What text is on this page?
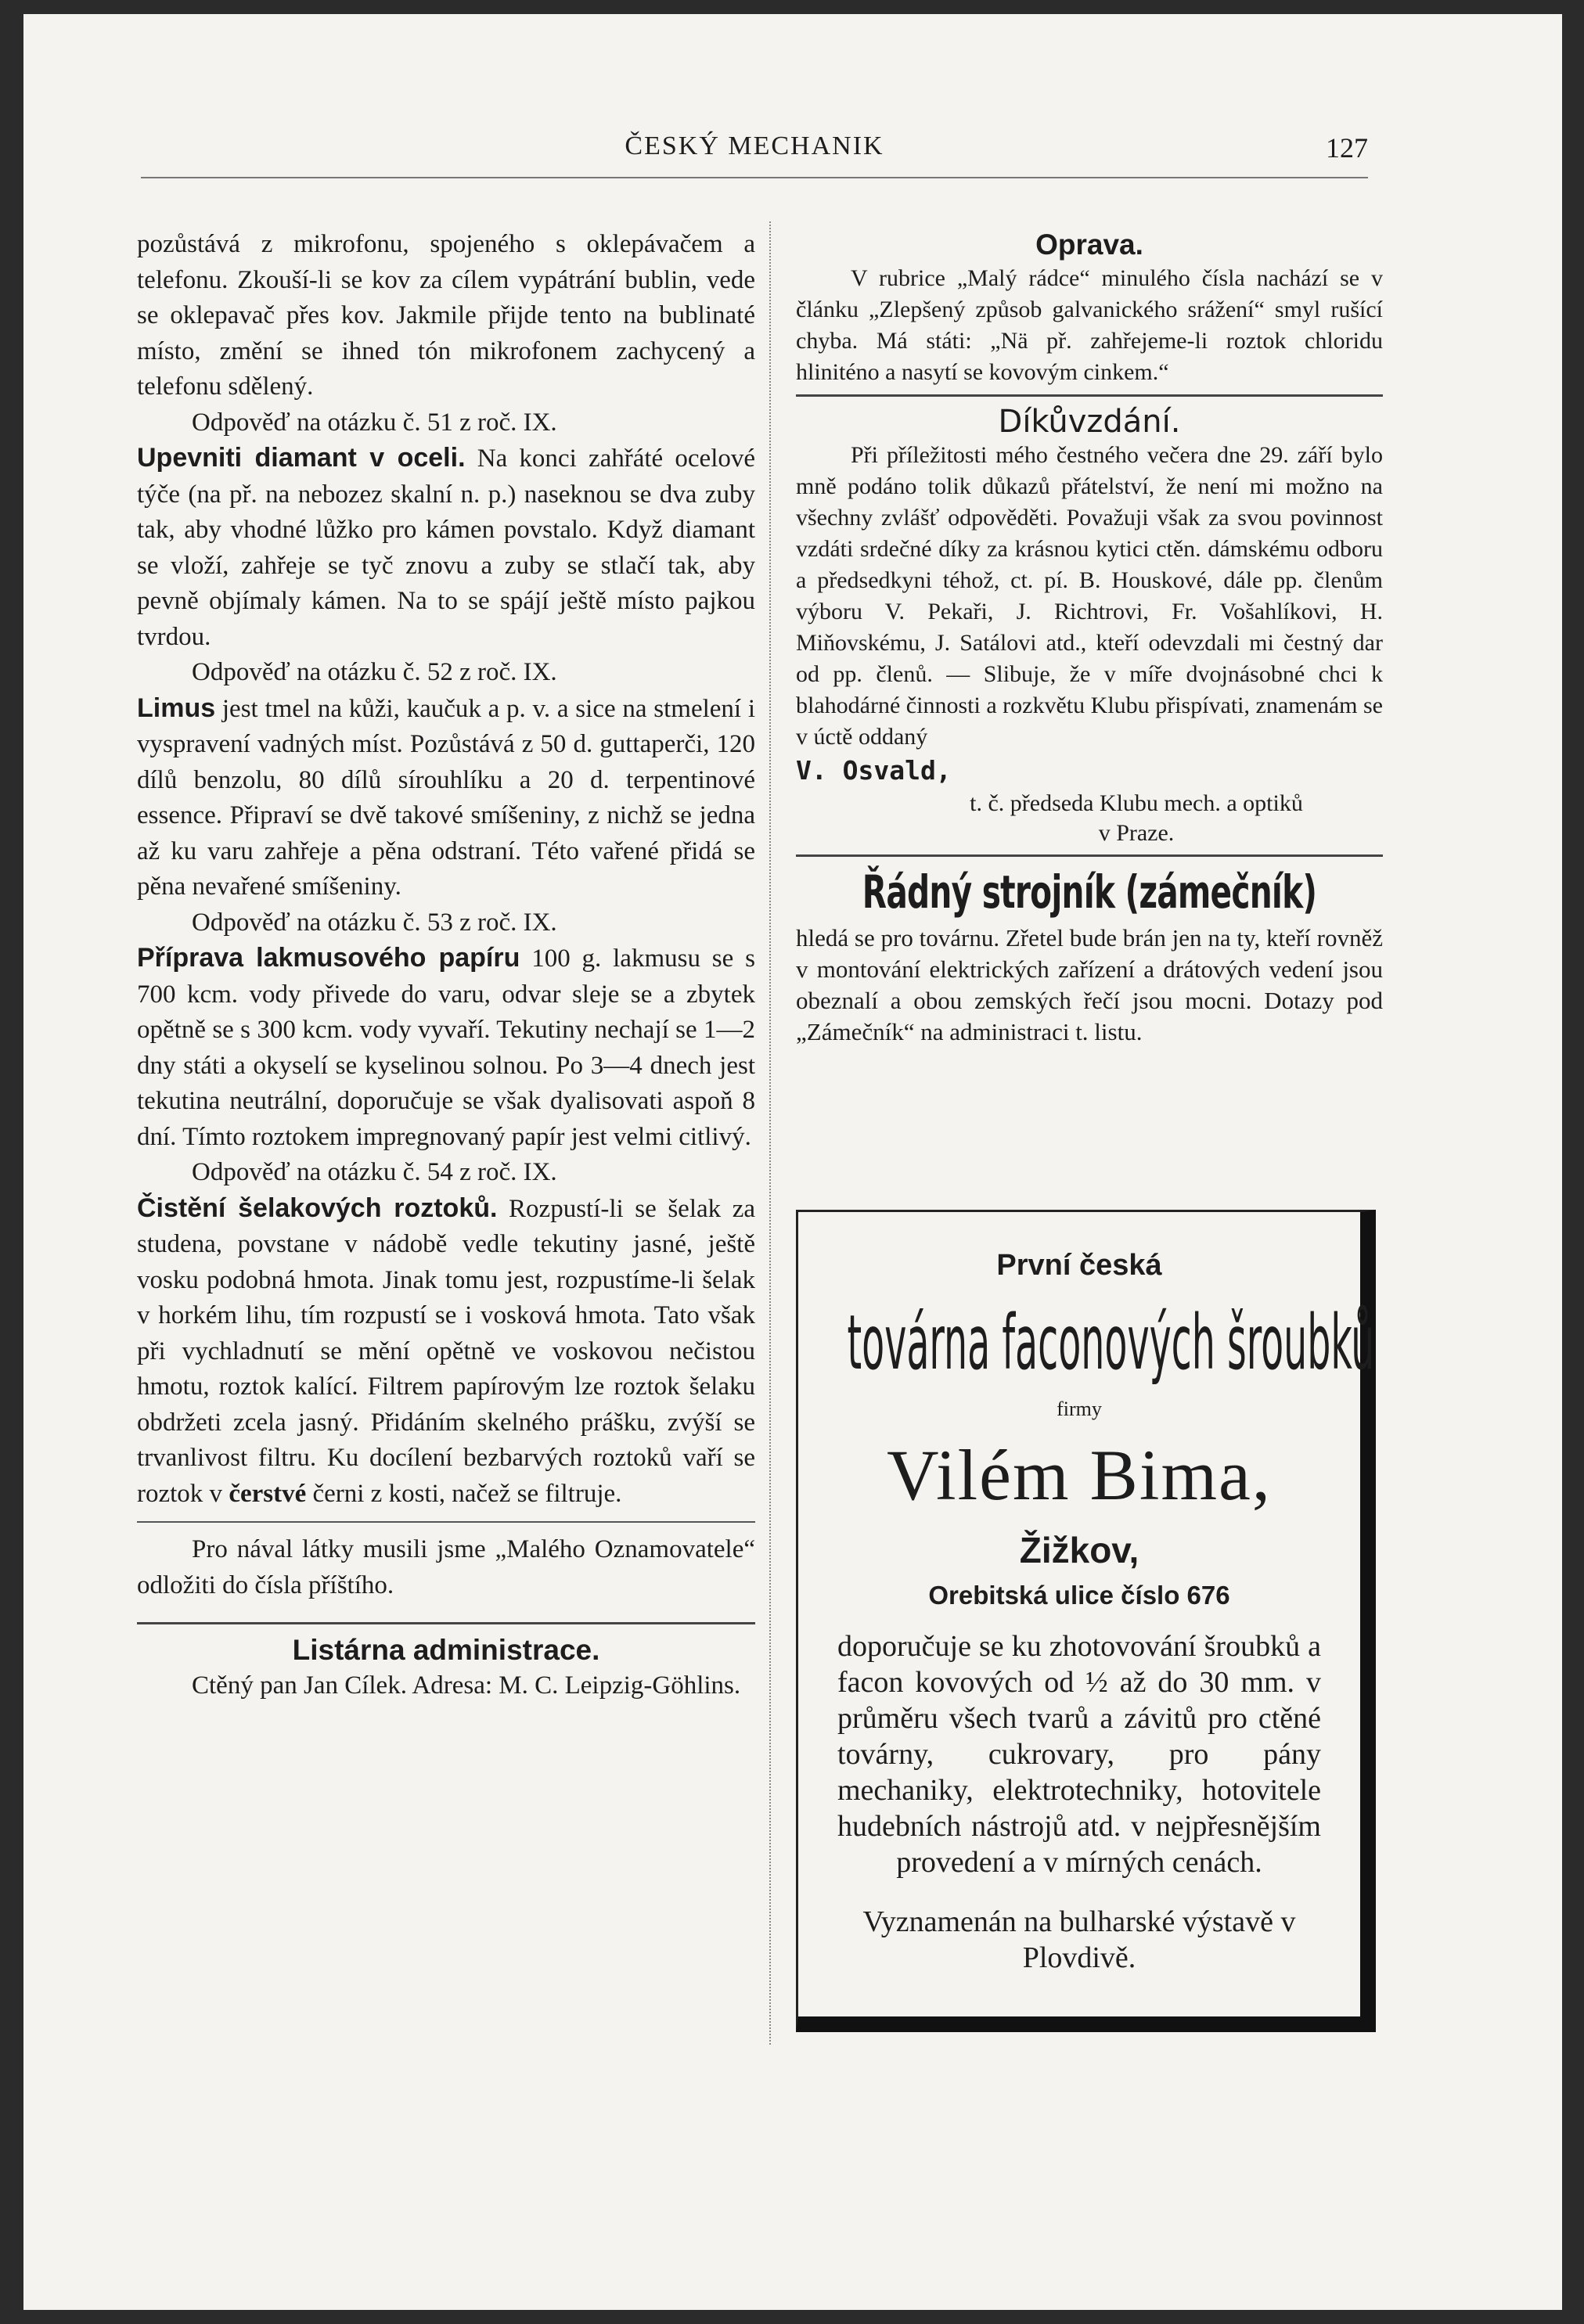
ČESKÝ MECHANIK	127

pozůstává z mikrofonu, spojeného s oklepávačem a telefonu. Zkouší-li se kov za cílem vypátrání bublin, vede se oklepavač přes kov. Jakmile přijde tento na bublinaté místo, změní se ihned tón mikrofonem zachycený a telefonu sdělený.

Odpověď na otázku č. 51 z roč. IX.

Upevniti diamant v oceli. Na konci zahřáté ocelové týče (na př. na nebozez skalní n. p.) naseknou se dva zuby tak, aby vhodné lůžko pro kámen povstalo. Když diamant se vloží, zahřeje se tyč znovu a zuby se stlačí tak, aby pevně objímaly kámen. Na to se spájí ještě místo pajkou tvrdou.

Odpověď na otázku č. 52 z roč. IX.

Limus jest tmel na kůži, kaučuk a p. v. a sice na stmelení i vyspravení vadných míst. Pozůstává z 50 d. guttaperči, 120 dílů benzolu, 80 dílů sírouhlíku a 20 d. terpentinové essence. Připraví se dvě takové smíšeniny, z nichž se jedna až ku varu zahřeje a pěna odstraní. Této vařené přidá se pěna nevařené smíšeniny.

Odpověď na otázku č. 53 z roč. IX.

Příprava lakmusového papíru 100 g. lakmusu se s 700 kcm. vody přivede do varu, odvar sleje se a zbytek opětně se s 300 kcm. vody vyvaří. Tekutiny nechají se 1—2 dny státi a okyselí se kyselinou solnou. Po 3—4 dnech jest tekutina neutrální, doporučuje se však dyalisovati aspoň 8 dní. Tímto roztokem impregnovaný papír jest velmi citlivý.

Odpověď na otázku č. 54 z roč. IX.

Čistění šelakových roztoků. Rozpustí-li se šelak za studena, povstane v nádobě vedle tekutiny jasné, ještě vosku podobná hmota. Jinak tomu jest, rozpustíme-li šelak v horkém lihu, tím rozpustí se i vosková hmota. Tato však při vychladnutí se mění opětně ve voskovou nečistou hmotu, roztok kalící. Filtrem papírovým lze roztok šelaku obdržeti zcela jasný. Přidáním skelného prášku, zvýší se trvanlivost filtru. Ku docílení bezbarvých roztoků vaří se roztok v čerstvé černi z kosti, načež se filtruje.

Pro nával látky musili jsme „Malého Oznamovatele“ odložiti do čísla příštího.

Listárna administrace.

Ctěný pan Jan Cílek. Adresa: M. C. Leipzig-Göhlins.

Oprava.

V rubrice „Malý rádce“ minulého čísla nachází se v článku „Zlepšený způsob galvanického srážení“ smyl rušící chyba. Má státi: „Nä př. zahřejeme-li roztok chloridu hliniténo a nasytí se kovovým cinkem.“

Díkůvzdání.

Při příležitosti mého čestného večera dne 29. září bylo mně podáno tolik důkazů přátelství, že není mi možno na všechny zvlášť odpověděti. Považuji však za svou povinnost vzdáti srdečné díky za krásnou kytici ctěn. dámskému odboru a předsedkyni téhož, ct. pí. B. Houskové, dále pp. členům výboru V. Pekaři, J. Richtrovi, Fr. Vošahlíkovi, H. Miňovskému, J. Satálovi atd., kteří odevzdali mi čestný dar od pp. členů. — Slibuje, že v míře dvojnásobné chci k blahodárné činnosti a rozkvětu Klubu přispívati, znamenám se v úctě oddaný

V. Osvald,

t. č. předseda Klubu mech. a optiků

v Praze.

Řádný strojník (zámečník)

hledá se pro továrnu. Zřetel bude brán jen na ty, kteří rovněž v montování elektrických zařízení a drátových vedení jsou obeznalí a obou zemských řečí jsou mocni. Dotazy pod „Zámečník“ na administraci t. listu.

První česká
továrna faconových šroubků
firmy
Vilém Bima,
Žižkov,
Orebitská ulice číslo 676
doporučuje se ku zhotovování šroubků a facon kovových od ½ až do 30 mm. v průměru všech tvarů a závitů pro ctěné továrny, cukrovary, pro pány mechaniky, elektrotechniky, hotovitele hudebních nástrojů atd. v nejpřesnějším provedení a v mírných cenách.
Vyznamenán na bulharské výstavě v Plovdivě.
